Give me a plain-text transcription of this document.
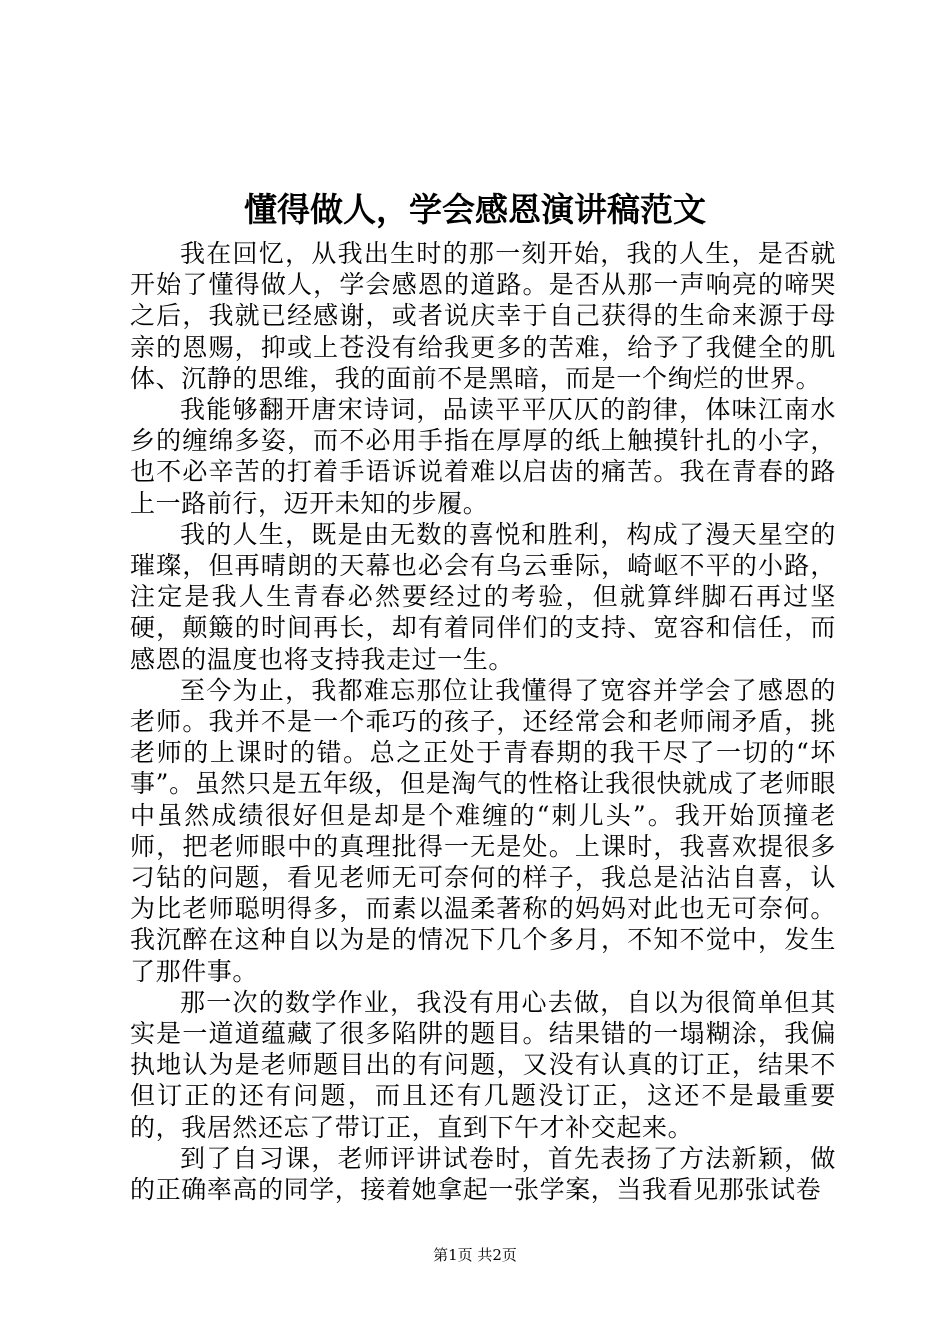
懂得做人，学会感恩演讲稿范文

我在回忆，从我出生时的那一刻开始，我的人生，是否就开始了懂得做人，学会感恩的道路。是否从那一声响亮的啼哭之后，我就已经感谢，或者说庆幸于自己获得的生命来源于母亲的恩赐，抑或上苍没有给我更多的苦难，给予了我健全的肌体、沉静的思维，我的面前不是黑暗，而是一个绚烂的世界。

我能够翻开唐宋诗词，品读平平仄仄的韵律，体味江南水乡的缠绵多姿，而不必用手指在厚厚的纸上触摸针扎的小字，也不必辛苦的打着手语诉说着难以启齿的痛苦。我在青春的路上一路前行，迈开未知的步履。

我的人生，既是由无数的喜悦和胜利，构成了漫天星空的璀璨，但再晴朗的天幕也必会有乌云垂际，崎岖不平的小路，注定是我人生青春必然要经过的考验，但就算绊脚石再过坚硬，颠簸的时间再长，却有着同伴们的支持、宽容和信任，而感恩的温度也将支持我走过一生。

至今为止，我都难忘那位让我懂得了宽容并学会了感恩的老师。我并不是一个乖巧的孩子，还经常会和老师闹矛盾，挑老师的上课时的错。总之正处于青春期的我干尽了一切的“坏事”。虽然只是五年级，但是淘气的性格让我很快就成了老师眼中虽然成绩很好但是却是个难缠的“刺儿头”。我开始顶撞老师，把老师眼中的真理批得一无是处。上课时，我喜欢提很多刁钻的问题，看见老师无可奈何的样子，我总是沾沾自喜，认为比老师聪明得多，而素以温柔著称的妈妈对此也无可奈何。我沉醉在这种自以为是的情况下几个多月，不知不觉中，发生了那件事。

那一次的数学作业，我没有用心去做，自以为很简单但其实是一道道蕴藏了很多陷阱的题目。结果错的一塌糊涂，我偏执地认为是老师题目出的有问题，又没有认真的订正，结果不但订正的还有问题，而且还有几题没订正，这还不是最重要的，我居然还忘了带订正，直到下午才补交起来。

到了自习课，老师评讲试卷时，首先表扬了方法新颖，做的正确率高的同学，接着她拿起一张学案，当我看见那张试卷

第1页 共2页
